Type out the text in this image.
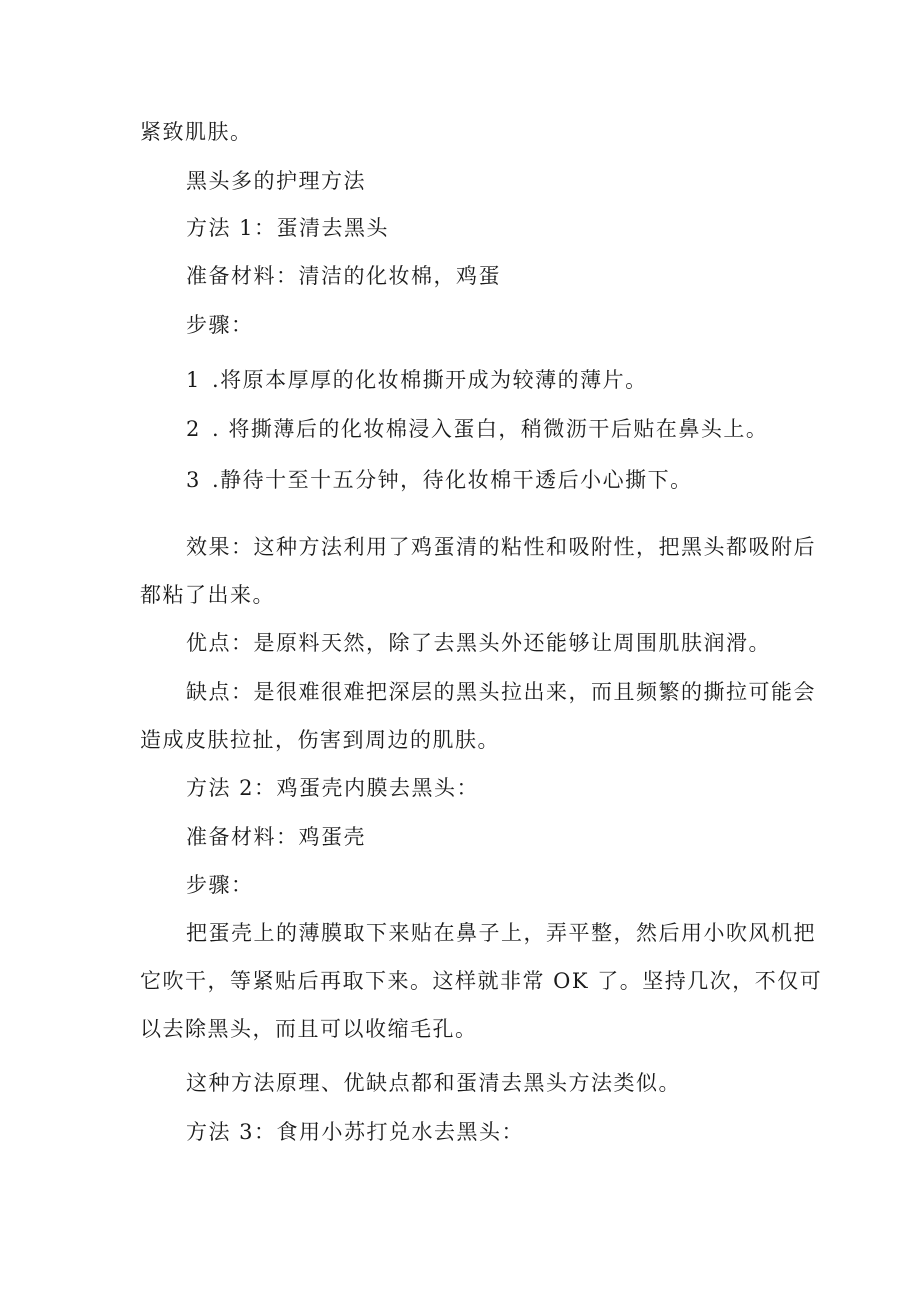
紧致肌肤。
黑头多的护理方法
方法 1：蛋清去黑头
准备材料：清洁的化妆棉，鸡蛋
步骤：
1 .将原本厚厚的化妆棉撕开成为较薄的薄片。
2 . 将撕薄后的化妆棉浸入蛋白，稍微沥干后贴在鼻头上。
3 .静待十至十五分钟，待化妆棉干透后小心撕下。
效果：这种方法利用了鸡蛋清的粘性和吸附性，把黑头都吸附后
都粘了出来。
优点：是原料天然，除了去黑头外还能够让周围肌肤润滑。
缺点：是很难很难把深层的黑头拉出来，而且频繁的撕拉可能会
造成皮肤拉扯，伤害到周边的肌肤。
方法 2：鸡蛋壳内膜去黑头：
准备材料：鸡蛋壳
步骤：
把蛋壳上的薄膜取下来贴在鼻子上，弄平整，然后用小吹风机把
它吹干，等紧贴后再取下来。这样就非常 OK 了。坚持几次，不仅可
以去除黑头，而且可以收缩毛孔。
这种方法原理、优缺点都和蛋清去黑头方法类似。
方法 3：食用小苏打兑水去黑头：
